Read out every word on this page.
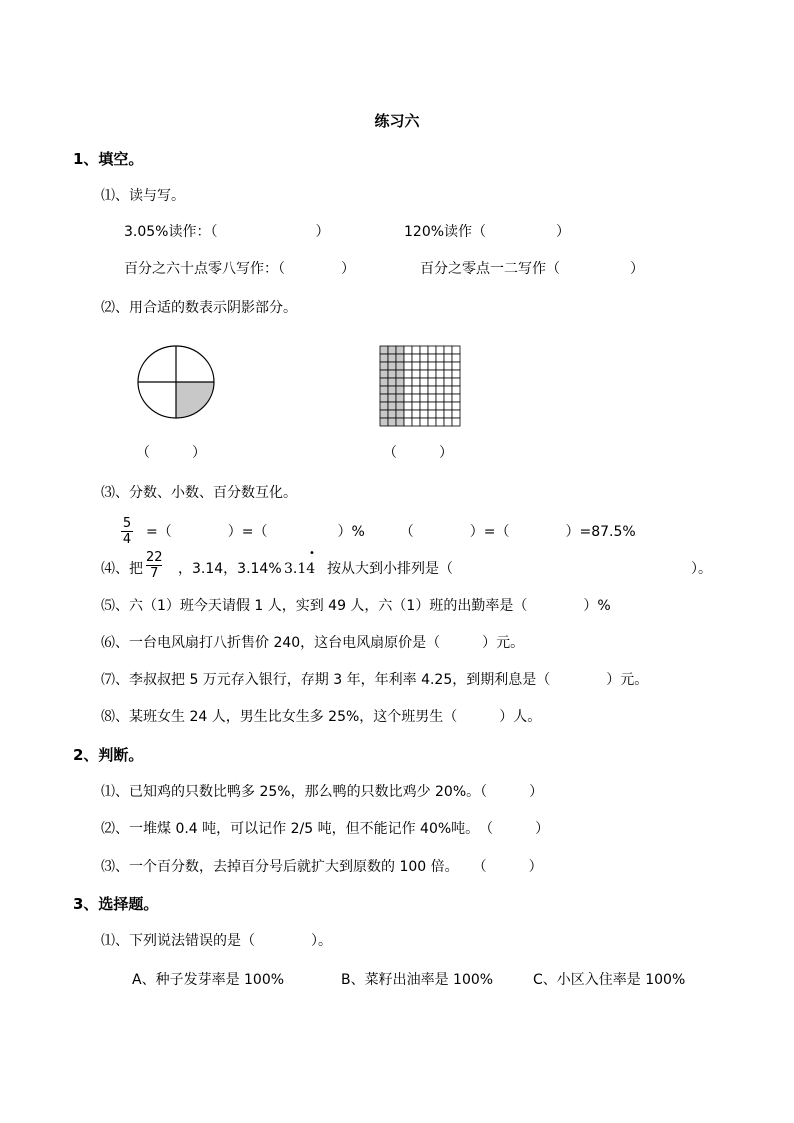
练习六
1、填空。
⑴、读与写。
3.05%读作：（　　　　　　　）	120%读作（　　　　　）
百分之六十点零八写作：（　　　　）	百分之零点一二写作（　　　　　）
⑵、用合适的数表示阴影部分。
（　　　）	（　　　）
⑶、分数、小数、百分数互化。
5
4 =（　　　　）=（　　　　　）%　　　（　　　　）=（　　　　）=87.5%
⑷、把
22
7 ，3.14，3.14% 3.14
•
按从大到小排列是（　　　　　　　　　　　　　　　　　）。
⑸、六（1）班今天请假 1 人，实到 49 人，六（1）班的出勤率是（　　　　）%
⑹、一台电风扇打八折售价 240，这台电风扇原价是（　　　）元。
⑺、李叔叔把 5 万元存入银行，存期 3 年，年利率 4.25，到期利息是（　　　　）元。
⑻、某班女生 24 人，男生比女生多 25%，这个班男生（　　　）人。
2、判断。
⑴、已知鸡的只数比鸭多 25%，那么鸭的只数比鸡少 20%。（　　　）
⑵、一堆煤 0.4 吨，可以记作 2/5 吨，但不能记作 40%吨。　（　　　）
⑶、一个百分数，去掉百分号后就扩大到原数的 100 倍。　　（　　　）
3、选择题。
⑴、下列说法错误的是（　　　　）。
A、种子发芽率是 100%	B、菜籽出油率是 100%	C、小区入住率是 100%
